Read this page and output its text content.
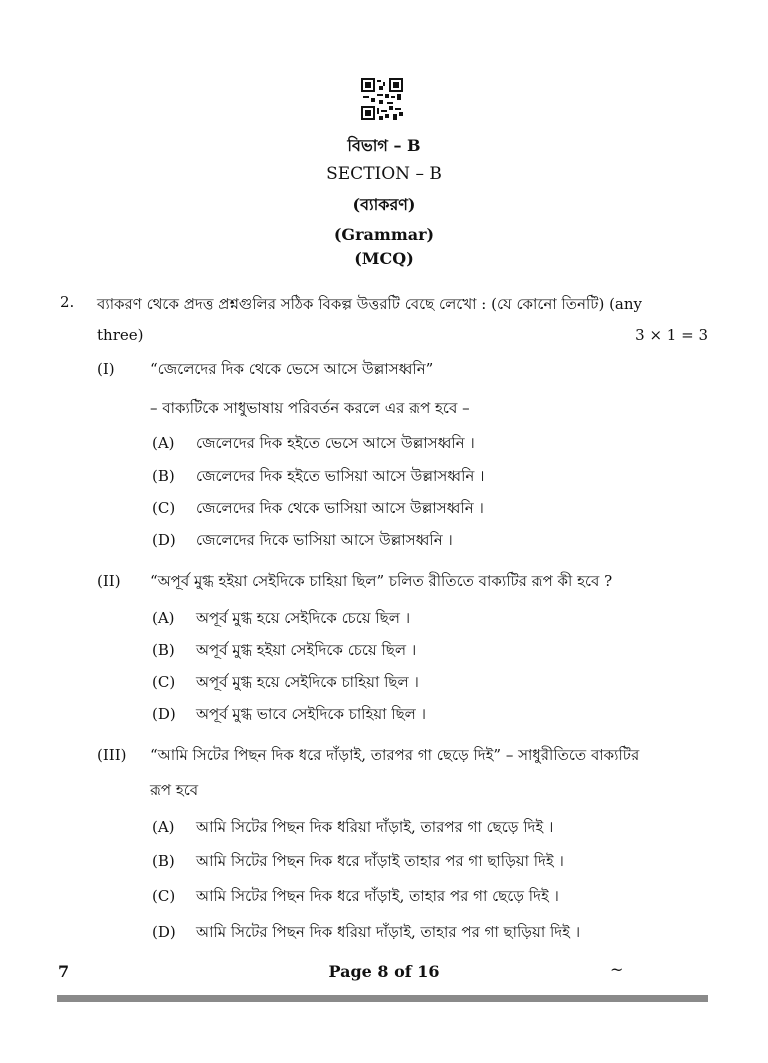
বিভাগ – B
SECTION – B
(ব্যাকরণ)
(Grammar)
(MCQ)
2. ব্যাকরণ থেকে প্রদত্ত প্রশ্নগুলির সঠিক বিকল্প উত্তরটি বেছে লেখো : (যে কোনো তিনটি) (any
three)	3 × 1 = 3
(I) “জেলেদের দিক থেকে ভেসে আসে উল্লাসধ্বনি”
– বাক্যটিকে সাধুভাষায় পরিবর্তন করলে এর রূপ হবে –
(A) জেলেদের দিক হইতে ভেসে আসে উল্লাসধ্বনি ।
(B) জেলেদের দিক হইতে ভাসিয়া আসে উল্লাসধ্বনি ।
(C) জেলেদের দিক থেকে ভাসিয়া আসে উল্লাসধ্বনি ।
(D) জেলেদের দিকে ভাসিয়া আসে উল্লাসধ্বনি ।
(II) “অপূর্ব মুগ্ধ হইয়া সেইদিকে চাহিয়া ছিল” চলিত রীতিতে বাক্যটির রূপ কী হবে ?
(A) অপূর্ব মুগ্ধ হয়ে সেইদিকে চেয়ে ছিল ।
(B) অপূর্ব মুগ্ধ হইয়া সেইদিকে চেয়ে ছিল ।
(C) অপূর্ব মুগ্ধ হয়ে সেইদিকে চাহিয়া ছিল ।
(D) অপূর্ব মুগ্ধ ভাবে সেইদিকে চাহিয়া ছিল ।
(III) “আমি সিটের পিছন দিক ধরে দাঁড়াই, তারপর গা ছেড়ে দিই” – সাধুরীতিতে বাক্যটির
রূপ হবে
(A) আমি সিটের পিছন দিক ধরিয়া দাঁড়াই, তারপর গা ছেড়ে দিই ।
(B) আমি সিটের পিছন দিক ধরে দাঁড়াই তাহার পর গা ছাড়িয়া দিই ।
(C) আমি সিটের পিছন দিক ধরে দাঁড়াই, তাহার পর গা ছেড়ে দিই ।
(D) আমি সিটের পিছন দিক ধরিয়া দাঁড়াই, তাহার পর গা ছাড়িয়া দিই ।
7	Page 8 of 16	~
